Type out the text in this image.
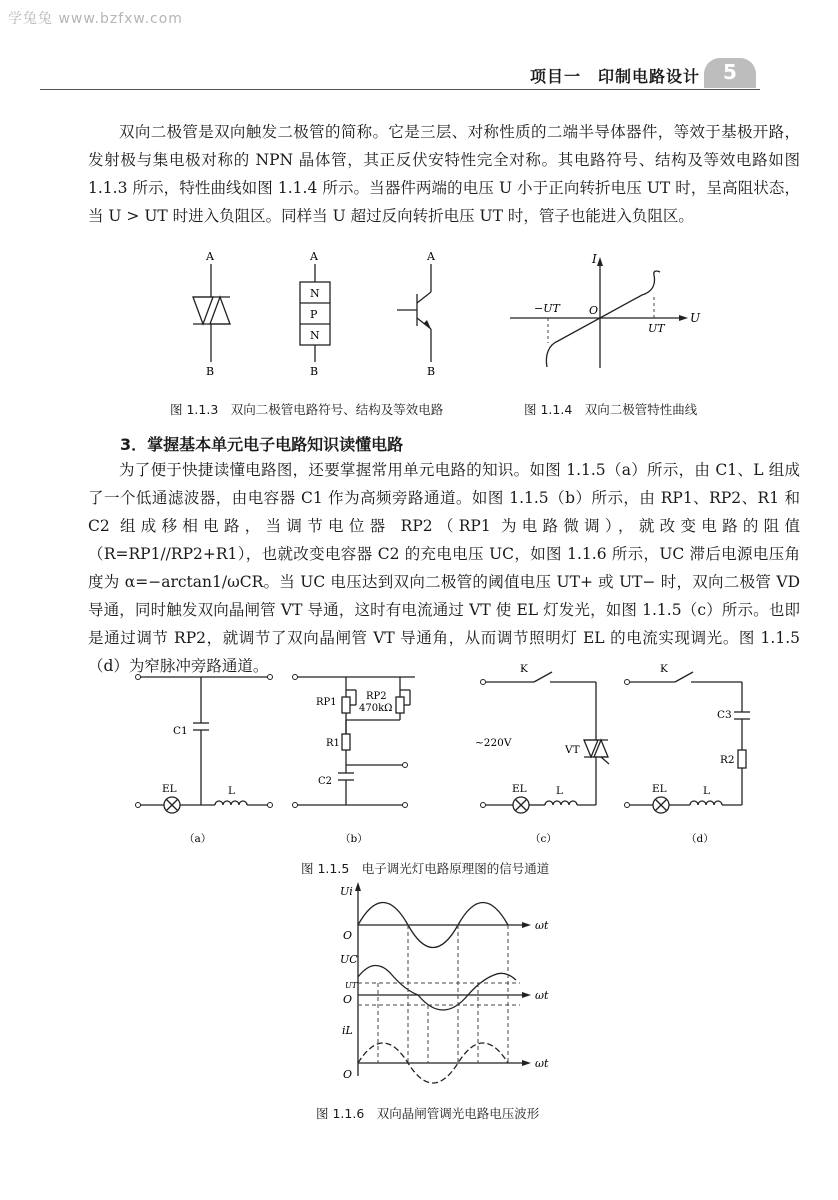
学兔兔 www.bzfxw.com
项目一　印制电路设计	5

双向二极管是双向触发二极管的简称。它是三层、对称性质的二端半导体器件，等效于基极开路，发射极与集电极对称的 NPN 晶体管，其正反伏安特性完全对称。其电路符号、结构及等效电路如图 1.1.3 所示，特性曲线如图 1.1.4 所示。当器件两端的电压 U 小于正向转折电压 UT 时，呈高阻状态，当 U > UT 时进入负阻区。同样当 U 超过反向转折电压 UT 时，管子也能进入负阻区。

A
B
N
P
N
A
B
A
B
I
U
O
−UT
UT
图 1.1.3　双向二极管电路符号、结构及等效电路	图 1.1.4　双向二极管特性曲线
3．掌握基本单元电子电路知识读懂电路

为了便于快捷读懂电路图，还要掌握常用单元电路的知识。如图 1.1.5（a）所示，由 C1、L 组成了一个低通滤波器，由电容器 C1 作为高频旁路通道。如图 1.1.5（b）所示，由 RP1、RP2、R1 和 C2 组成移相电路，当调节电位器 RP2（RP1 为电路微调），就改变电路的阻值（R=RP1//RP2+R1），也就改变电容器 C2 的充电电压 UC，如图 1.1.6 所示，UC 滞后电源电压角度为 α=−arctan1/ωCR。当 UC 电压达到双向二极管的阈值电压 UT+ 或 UT− 时，双向二极管 VD 导通，同时触发双向晶闸管 VT 导通，这时有电流通过 VT 使 EL 灯发光，如图 1.1.5（c）所示。也即是通过调节 RP2，就调节了双向晶闸管 VT 导通角，从而调节照明灯 EL 的电流实现调光。图 1.1.5（d）为窄脉冲旁路通道。

C1
EL	L
（a）
RP1
RP2
470kΩ
R1
C2
（b）
K
~220V
VT
EL	L
（c）
K
C3
R2
EL	L
（d）
图 1.1.5　电子调光灯电路原理图的信号通道
Ui
UC
iL
O
O
O
UT
ωt
ωt
ωt
图 1.1.6　双向晶闸管调光电路电压波形
